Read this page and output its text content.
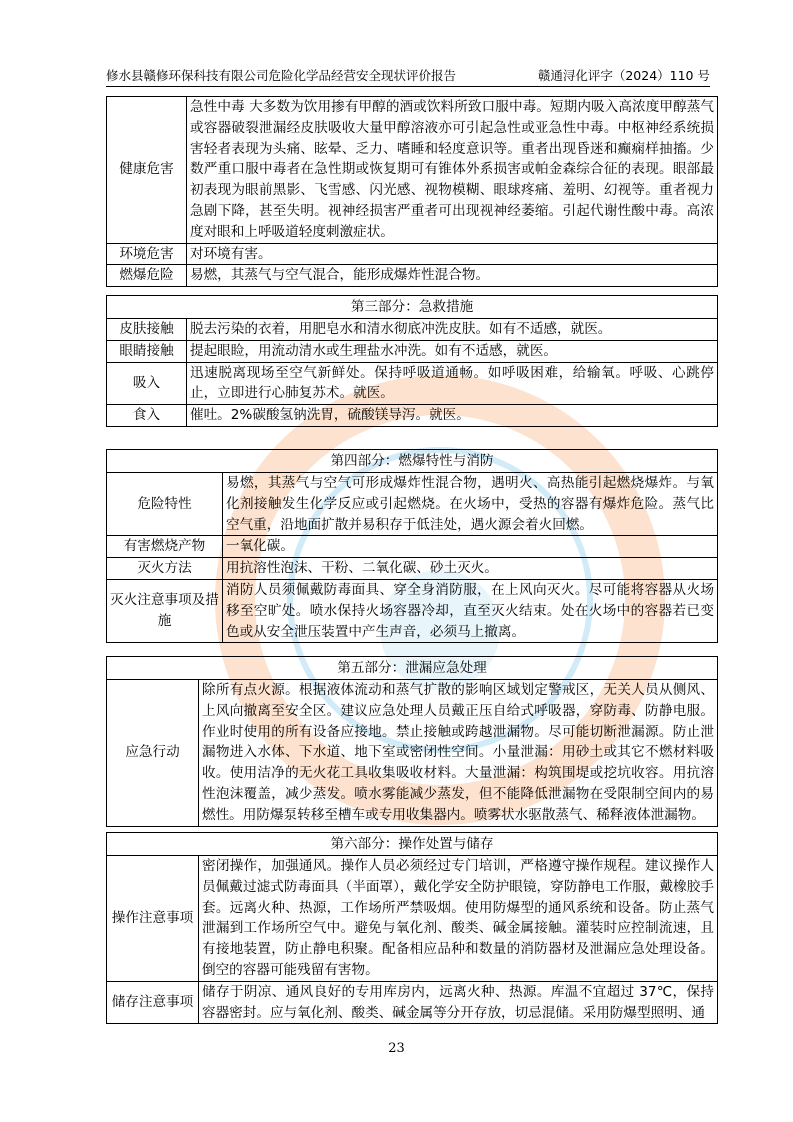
修水县赣修环保科技有限公司危险化学品经营安全现状评价报告	赣通浔化评字（2024）110 号
健康危害	急性中毒 大多数为饮用掺有甲醇的酒或饮料所致口服中毒。短期内吸入高浓度甲醇蒸气或容器破裂泄漏经皮肤吸收大量甲醇溶液亦可引起急性或亚急性中毒。中枢神经系统损害轻者表现为头痛、眩晕、乏力、嗜睡和轻度意识等。重者出现昏迷和癫痫样抽搐。少数严重口服中毒者在急性期或恢复期可有锥体外系损害或帕金森综合征的表现。眼部最初表现为眼前黑影、飞雪感、闪光感、视物模糊、眼球疼痛、羞明、幻视等。重者视力急剧下降，甚至失明。视神经损害严重者可出现视神经萎缩。引起代谢性酸中毒。高浓度对眼和上呼吸道轻度刺激症状。
环境危害	对环境有害。
燃爆危险	易燃，其蒸气与空气混合，能形成爆炸性混合物。
第三部分：急救措施	
皮肤接触	脱去污染的衣着，用肥皂水和清水彻底冲洗皮肤。如有不适感，就医。
眼睛接触	提起眼睑，用流动清水或生理盐水冲洗。如有不适感，就医。
吸入	迅速脱离现场至空气新鲜处。保持呼吸道通畅。如呼吸困难，给输氧。呼吸、心跳停止，立即进行心肺复苏术。就医。
食入	催吐。2%碳酸氢钠洗胃，硫酸镁导泻。就医。
第四部分：燃爆特性与消防	
危险特性	易燃，其蒸气与空气可形成爆炸性混合物，遇明火、高热能引起燃烧爆炸。与氧化剂接触发生化学反应或引起燃烧。在火场中，受热的容器有爆炸危险。蒸气比空气重，沿地面扩散并易积存于低洼处，遇火源会着火回燃。
有害燃烧产物	一氧化碳。
灭火方法	用抗溶性泡沫、干粉、二氧化碳、砂土灭火。
灭火注意事项及措施	消防人员须佩戴防毒面具、穿全身消防服，在上风向灭火。尽可能将容器从火场移至空旷处。喷水保持火场容器冷却，直至灭火结束。处在火场中的容器若已变色或从安全泄压装置中产生声音，必须马上撤离。
第五部分：泄漏应急处理
应急行动	除所有点火源。根据液体流动和蒸气扩散的影响区域划定警戒区，无关人员从侧风、上风向撤离至安全区。建议应急处理人员戴正压自给式呼吸器，穿防毒、防静电服。作业时使用的所有设备应接地。禁止接触或跨越泄漏物。尽可能切断泄漏源。防止泄漏物进入水体、下水道、地下室或密闭性空间。小量泄漏：用砂土或其它不燃材料吸收。使用洁净的无火花工具收集吸收材料。大量泄漏：构筑围堤或挖坑收容。用抗溶性泡沫覆盖，减少蒸发。喷水雾能减少蒸发，但不能降低泄漏物在受限制空间内的易燃性。用防爆泵转移至槽车或专用收集器内。喷雾状水驱散蒸气、稀释液体泄漏物。
第六部分：操作处置与储存	
操作注意事项	密闭操作，加强通风。操作人员必须经过专门培训，严格遵守操作规程。建议操作人员佩戴过滤式防毒面具（半面罩），戴化学安全防护眼镜，穿防静电工作服，戴橡胶手套。远离火种、热源，工作场所严禁吸烟。使用防爆型的通风系统和设备。防止蒸气泄漏到工作场所空气中。避免与氧化剂、酸类、碱金属接触。灌装时应控制流速，且有接地装置，防止静电积聚。配备相应品种和数量的消防器材及泄漏应急处理设备。倒空的容器可能残留有害物。
储存注意事项	储存于阴凉、通风良好的专用库房内，远离火种、热源。库温不宜超过 37℃，保持容器密封。应与氧化剂、酸类、碱金属等分开存放，切忌混储。采用防爆型照明、通
23
